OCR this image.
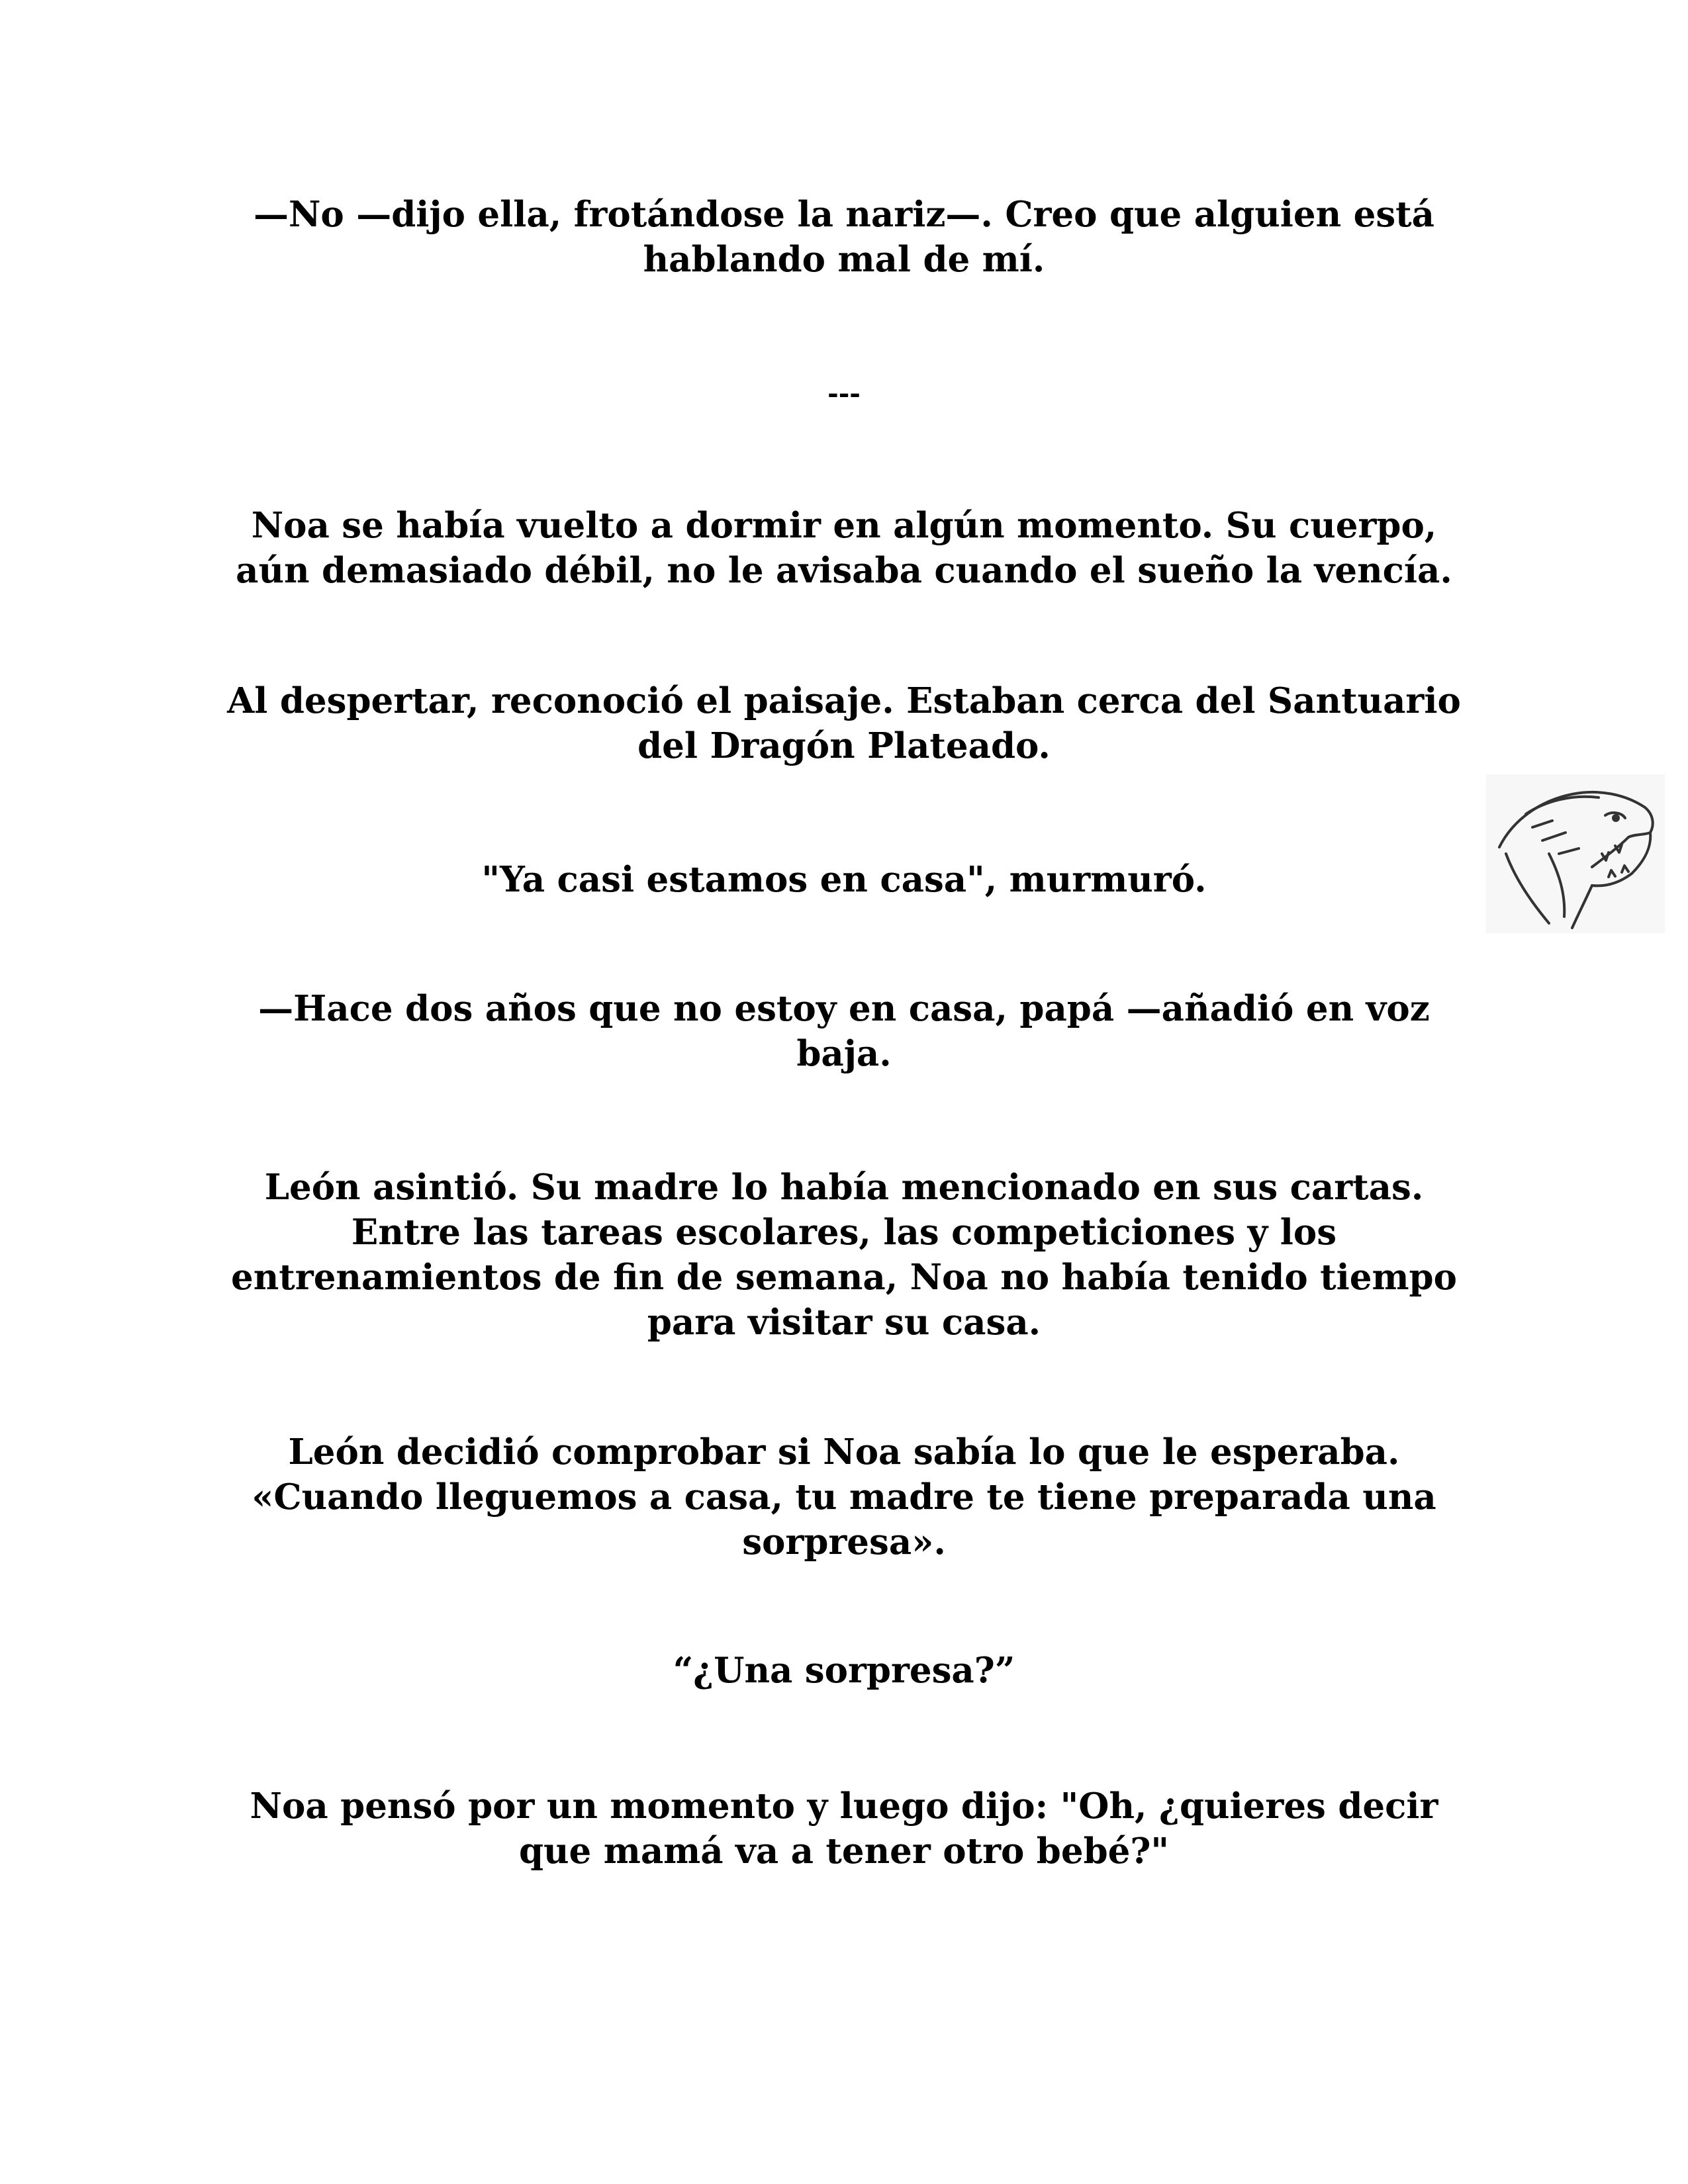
—No —dijo ella, frotándose la nariz—. Creo que alguien está
hablando mal de mí.

---

Noa se había vuelto a dormir en algún momento. Su cuerpo,
aún demasiado débil, no le avisaba cuando el sueño la vencía.

Al despertar, reconoció el paisaje. Estaban cerca del Santuario
del Dragón Plateado.

"Ya casi estamos en casa", murmuró.

—Hace dos años que no estoy en casa, papá —añadió en voz
baja.

León asintió. Su madre lo había mencionado en sus cartas.
Entre las tareas escolares, las competiciones y los
entrenamientos de fin de semana, Noa no había tenido tiempo
para visitar su casa.

León decidió comprobar si Noa sabía lo que le esperaba.
«Cuando lleguemos a casa, tu madre te tiene preparada una
sorpresa».

“¿Una sorpresa?”

Noa pensó por un momento y luego dijo: "Oh, ¿quieres decir
que mamá va a tener otro bebé?"
